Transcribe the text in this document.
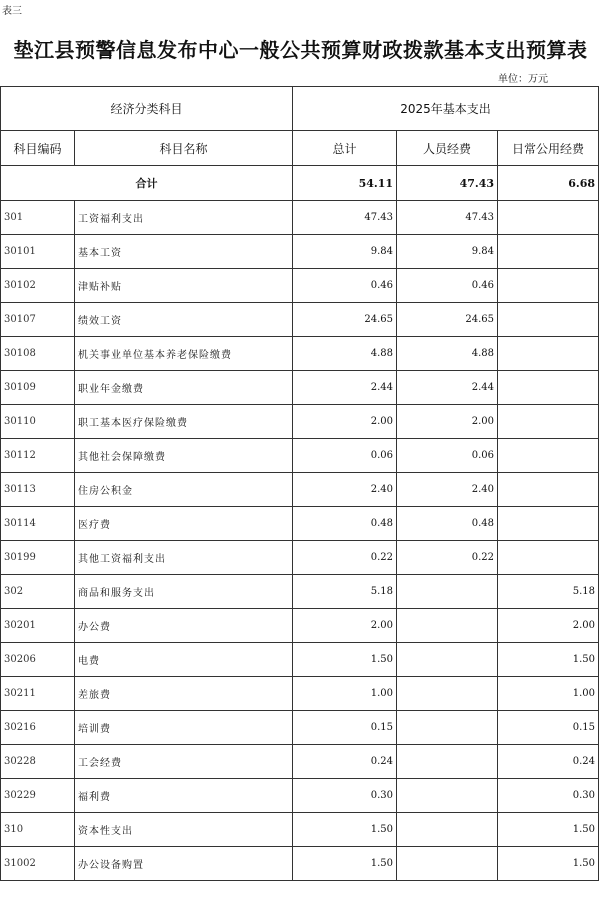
表三
垫江县预警信息发布中心一般公共预算财政拨款基本支出预算表
单位：万元
经济分类科目		2025年基本支出		
科目编码	科目名称	总计	人员经费	日常公用经费
合计		54.11	47.43	6.68
301	工资福利支出	47.43	47.43	
30101	基本工资	9.84	9.84	
30102	津贴补贴	0.46	0.46	
30107	绩效工资	24.65	24.65	
30108	机关事业单位基本养老保险缴费	4.88	4.88	
30109	职业年金缴费	2.44	2.44	
30110	职工基本医疗保险缴费	2.00	2.00	
30112	其他社会保障缴费	0.06	0.06	
30113	住房公积金	2.40	2.40	
30114	医疗费	0.48	0.48	
30199	其他工资福利支出	0.22	0.22	
302	商品和服务支出	5.18		5.18
30201	办公费	2.00		2.00
30206	电费	1.50		1.50
30211	差旅费	1.00		1.00
30216	培训费	0.15		0.15
30228	工会经费	0.24		0.24
30229	福利费	0.30		0.30
310	资本性支出	1.50		1.50
31002	办公设备购置	1.50		1.50
